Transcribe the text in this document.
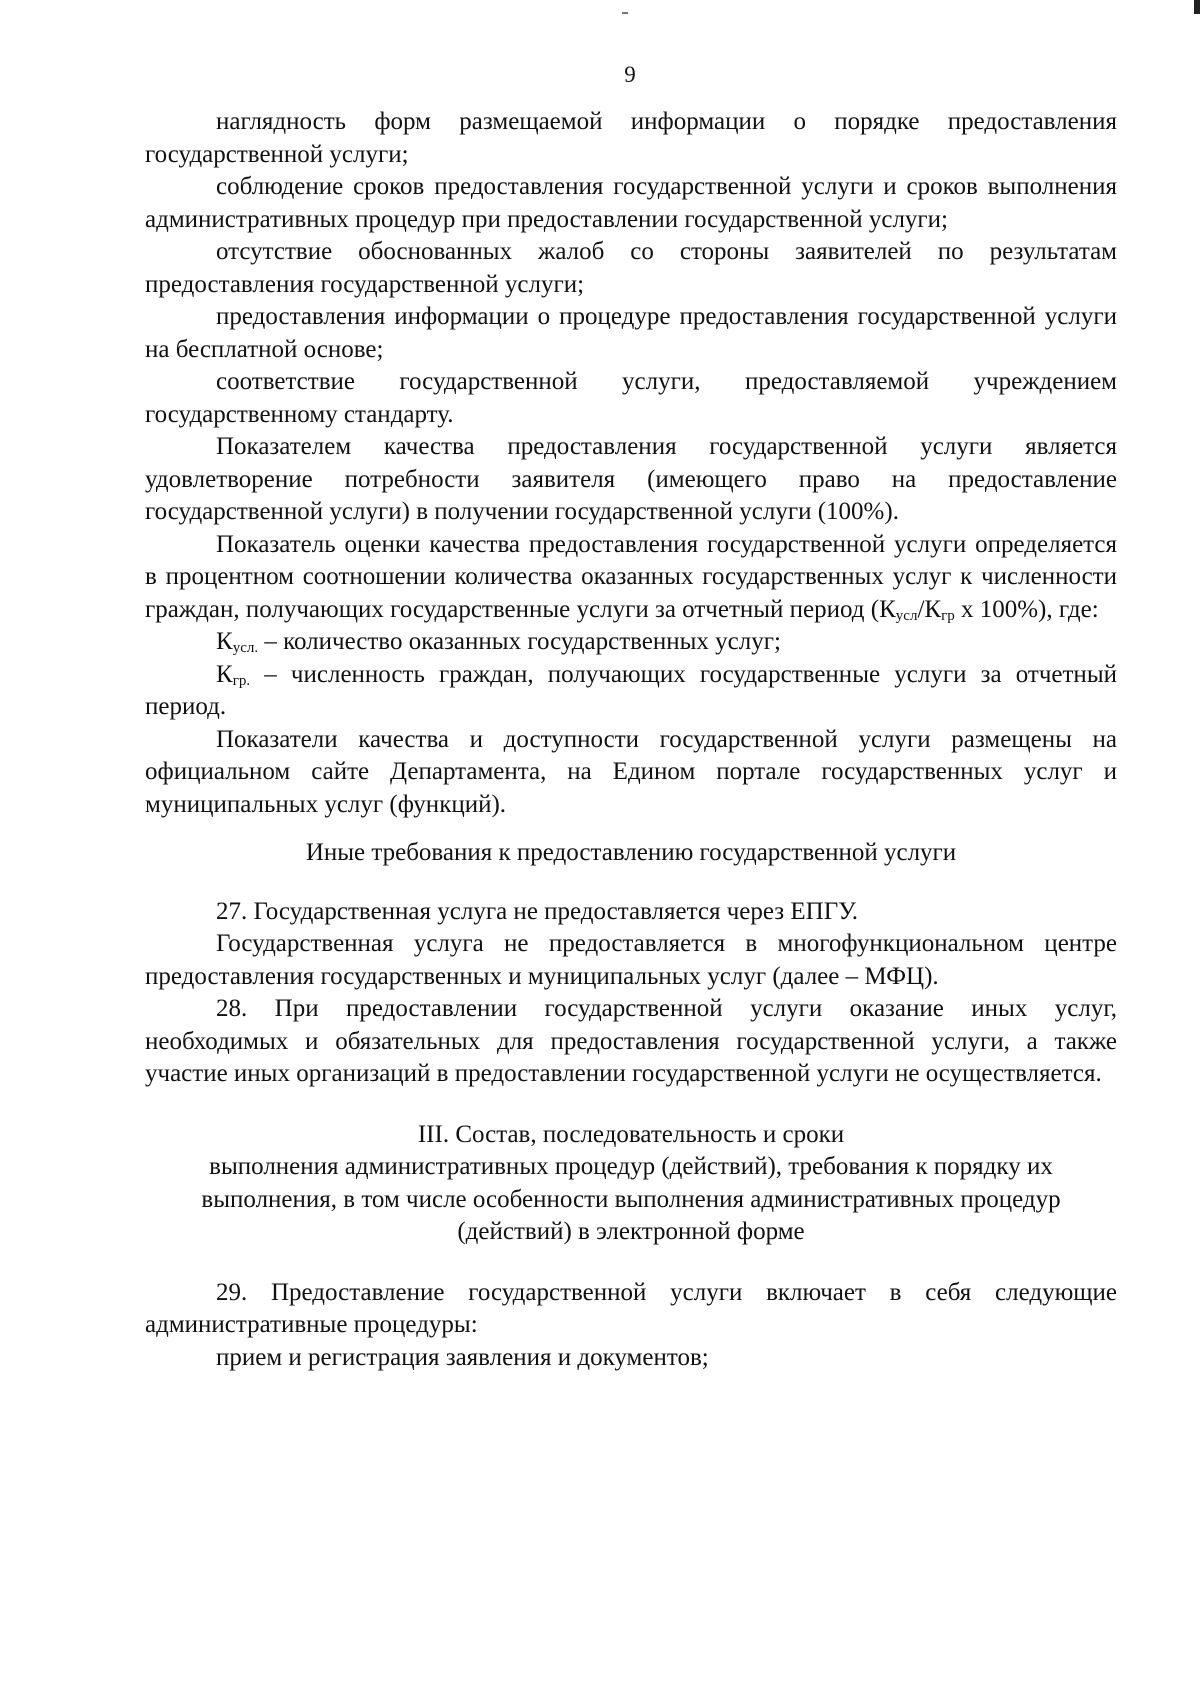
9

наглядность форм размещаемой информации о порядке предоставления государственной услуги;

соблюдение сроков предоставления государственной услуги и сроков выполнения административных процедур при предоставлении государственной услуги;

отсутствие обоснованных жалоб со стороны заявителей по результатам предоставления государственной услуги;

предоставления информации о процедуре предоставления государственной услуги на бесплатной основе;

соответствие государственной услуги, предоставляемой учреждением государственному стандарту.

Показателем качества предоставления государственной услуги является удовлетворение потребности заявителя (имеющего право на предоставление государственной услуги) в получении государственной услуги (100%).

Показатель оценки качества предоставления государственной услуги определяется в процентном соотношении количества оказанных государственных услуг к численности граждан, получающих государственные услуги за отчетный период ($К_{усл}/К_{гр}$ х 100%), где:

$К_{усл.}$ – количество оказанных государственных услуг;

$К_{гр.}$ – численность граждан, получающих государственные услуги за отчетный период.

Показатели качества и доступности государственной услуги размещены на официальном сайте Департамента, на Едином портале государственных услуг и муниципальных услуг (функций).

Иные требования к предоставлению государственной услуги

27. Государственная услуга не предоставляется через ЕПГУ.

Государственная услуга не предоставляется в многофункциональном центре предоставления государственных и муниципальных услуг (далее – МФЦ).

28. При предоставлении государственной услуги оказание иных услуг, необходимых и обязательных для предоставления государственной услуги, а также участие иных организаций в предоставлении государственной услуги не осуществляется.

III. Состав, последовательность и сроки

выполнения административных процедур (действий), требования к порядку их выполнения, в том числе особенности выполнения административных процедур (действий) в электронной форме

29. Предоставление государственной услуги включает в себя следующие административные процедуры:

прием и регистрация заявления и документов;
